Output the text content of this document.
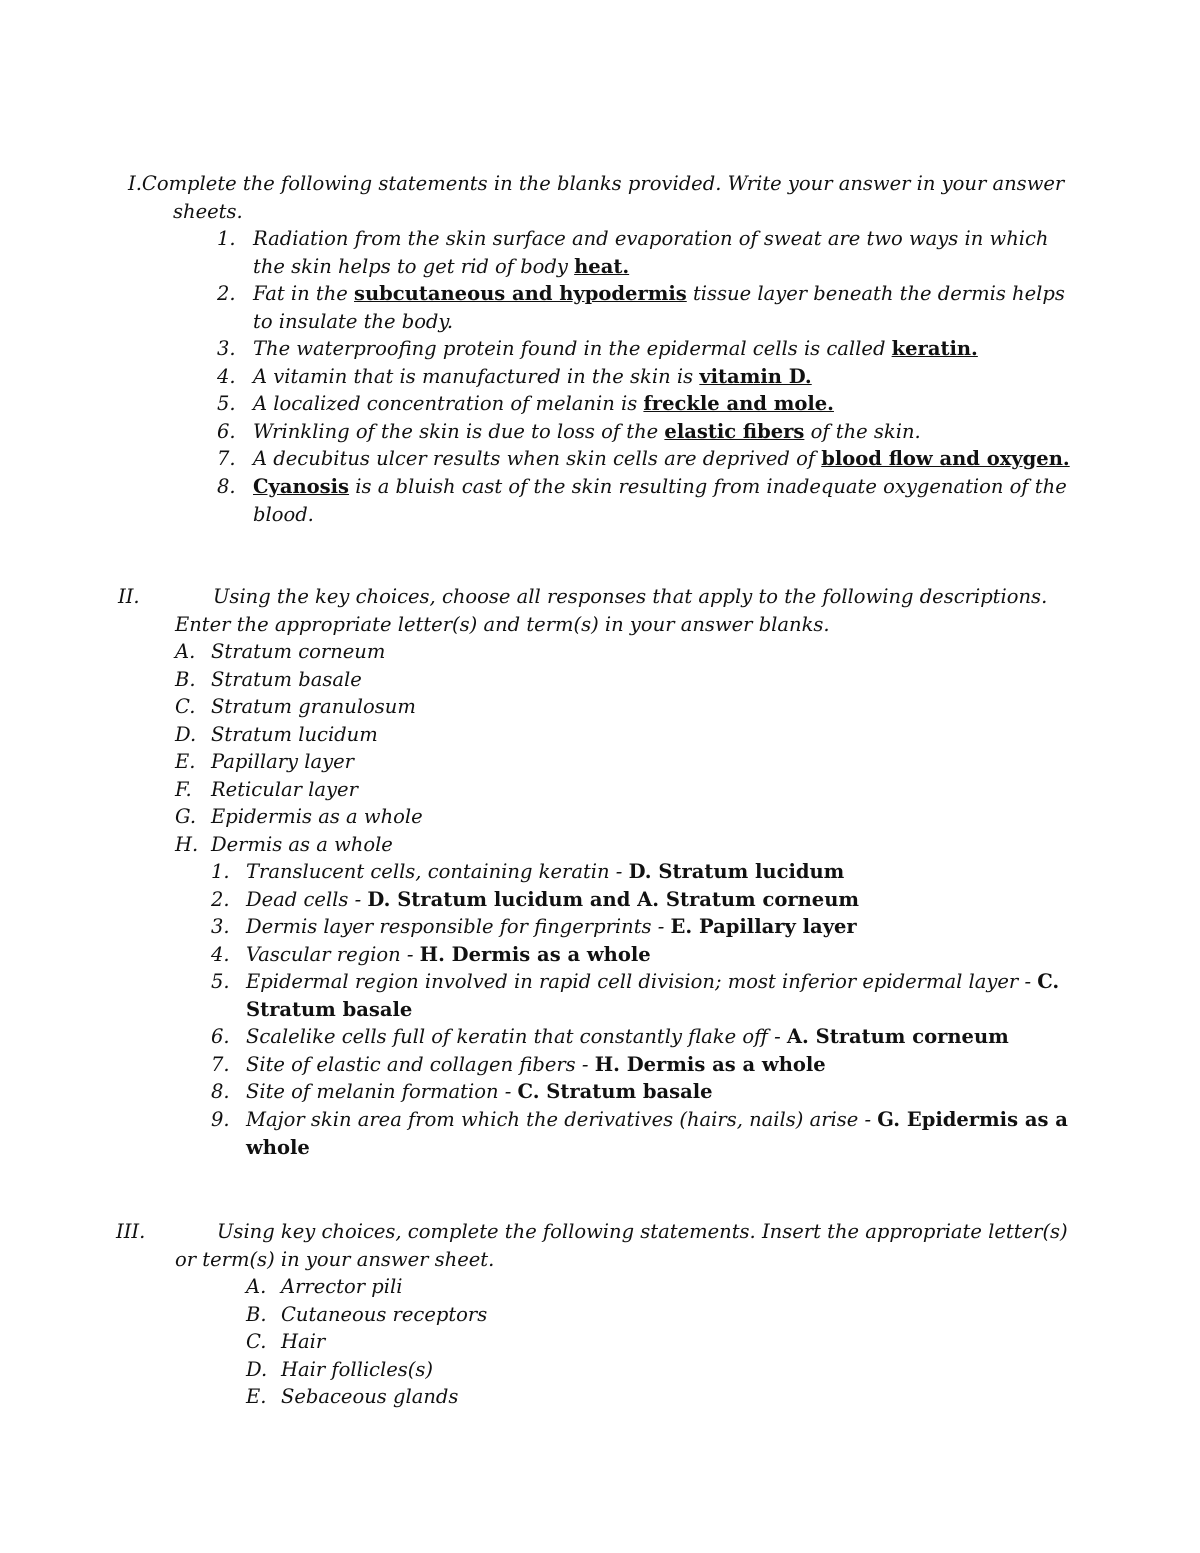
I.Complete the following statements in the blanks provided. Write your answer in your answer
sheets.
1. Radiation from the skin surface and evaporation of sweat are two ways in which
the skin helps to get rid of body heat.
2. Fat in the subcutaneous and hypodermis tissue layer beneath the dermis helps
to insulate the body.
3. The waterproofing protein found in the epidermal cells is called keratin.
4. A vitamin that is manufactured in the skin is vitamin D.
5. A localized concentration of melanin is freckle and mole.
6. Wrinkling of the skin is due to loss of the elastic fibers of the skin.
7. A decubitus ulcer results when skin cells are deprived of blood flow and oxygen.
8. Cyanosis is a bluish cast of the skin resulting from inadequate oxygenation of the
blood.
II.	Using the key choices, choose all responses that apply to the following descriptions.
Enter the appropriate letter(s) and term(s) in your answer blanks.
A. Stratum corneum
B. Stratum basale
C. Stratum granulosum
D. Stratum lucidum
E. Papillary layer
F. Reticular layer
G. Epidermis as a whole
H. Dermis as a whole
1. Translucent cells, containing keratin - D. Stratum lucidum
2. Dead cells - D. Stratum lucidum and A. Stratum corneum
3. Dermis layer responsible for fingerprints - E. Papillary layer
4. Vascular region - H. Dermis as a whole
5. Epidermal region involved in rapid cell division; most inferior epidermal layer - C.
Stratum basale
6. Scalelike cells full of keratin that constantly flake off - A. Stratum corneum
7. Site of elastic and collagen fibers - H. Dermis as a whole
8. Site of melanin formation - C. Stratum basale
9. Major skin area from which the derivatives (hairs, nails) arise - G. Epidermis as a
whole
III.	Using key choices, complete the following statements. Insert the appropriate letter(s)
or term(s) in your answer sheet.
A. Arrector pili
B. Cutaneous receptors
C. Hair
D. Hair follicles(s)
E. Sebaceous glands
